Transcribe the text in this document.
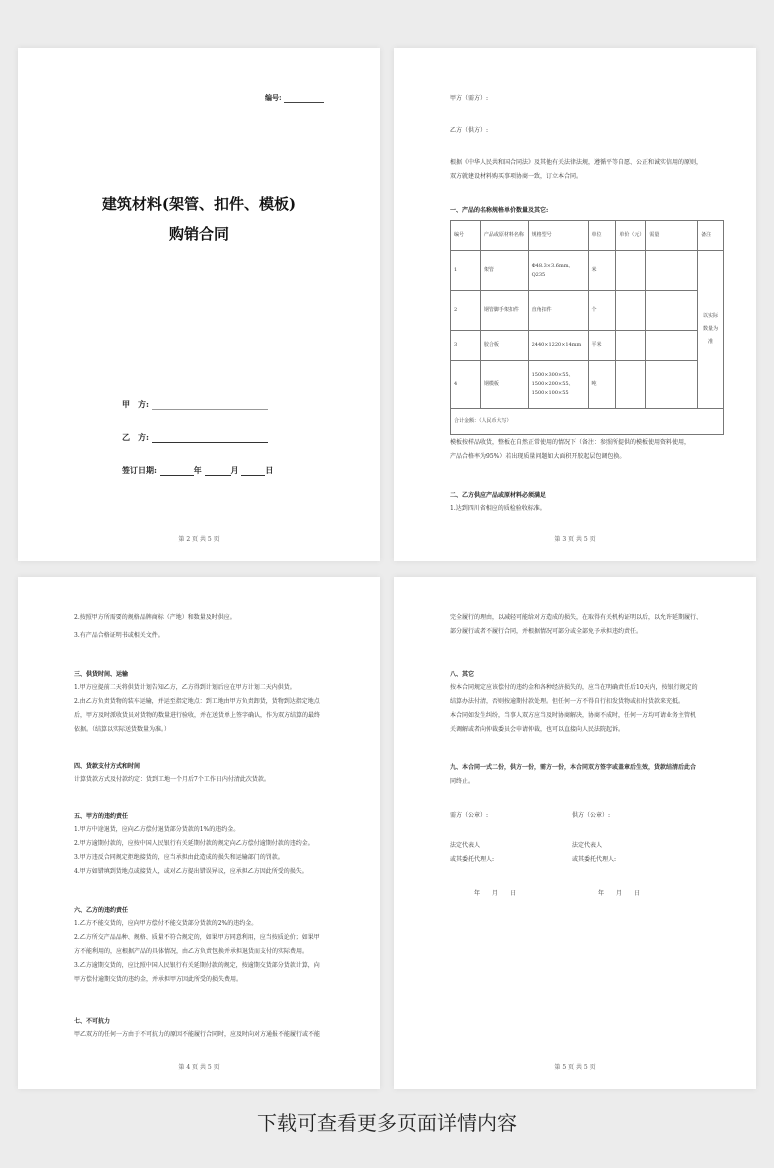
编号:
建筑材料(架管、扣件、模板)
购销合同
甲　方:
乙　方:
签订日期:	年	月	日
第 2 页 共 5 页
甲方（需方）:
乙方（供方）:
根据《中华人民共和国合同法》及其他有关法律法规，遵循平等自愿、公正和诚实信用的原则，
双方就建设材料购买事项协商一致，订立本合同。
一、产品的名称规格单价数量及其它:
编号	产品或原材料名称	规格型号	单位	单价（元）	需量	备注
1	架管	Φ48.3×3.6mm、Q235	米			以实际数量为准
2	钢管脚手架扣件	直角扣件	个			
3	胶合板	2440×1220×14mm	平米			
4	钢模板	1500×300×55、
1500×200×55、
1500×100×55	吨			
合计金额：（人民币大写）						
模板按样品收货，整板在自然正常使用的情况下（备注：参照所提供的模板使用资料使用，
产品合格率为95%）若出现质量问题如大面积开胶起层包调包换。
二、乙方供应产品或原材料必须满足
1.达到四川省相应的质检验收标准。
第 3 页 共 5 页
2.按照甲方所需要的规格品牌商标（产地）和数量及时供应。
3.有产品合格证明书或相关文件。
三、供货时间、运输
1.甲方应提前二天将供货计划告知乙方，乙方得到计划后应在甲方计划二天内供货。
2.由乙方负责货物的装车运输，并运至指定地点：到工地由甲方负责卸货，货物到达指定地点
后，甲方及时派收货员对货物的数量进行验收，并在送货单上签字确认，作为双方结算的最终
依据。（结算以实际送货数量为准。）
四、货款支付方式和时间
计算货款方式及付款约定：货到工地一个月后7个工作日内付清此次货款。
五、甲方的违约责任
1.甲方中途退货，应向乙方偿付退货部分货款的1%的违约金。
2.甲方逾期付款的，应按中国人民银行有关延期付款的规定向乙方偿付逾期付款的违约金。
3.甲方违反合同规定拒绝接货的，应当承担由此造成的损失和运输部门的罚款。
4.甲方如错填到货地点或接货人，或对乙方提出错误异议，应承担乙方因此所受的损失。
六、乙方的违约责任
1.乙方不能交货的，应向甲方偿付不能交货部分货款的2%的违约金。
2.乙方所交产品品种、规格、质量不符合规定的，如果甲方同意利用，应当按质论价；如果甲
方不能利用的，应根据产品的具体情况，由乙方负责包换并承担退货而支付的实际费用。
3.乙方逾期交货的，应比照中国人民银行有关延期付款的规定，按逾期交货部分货款计算，向
甲方偿付逾期交货的违约金，并承担甲方因此所受的损失费用。
七、不可抗力
甲乙双方的任何一方由于不可抗力的原因不能履行合同时，应及时向对方通报不能履行或不能
第 4 页 共 5 页
完全履行的理由，以减轻可能给对方造成的损失，在取得有关机构证明以后，以允许延期履行、
部分履行或者不履行合同，并根据情况可部分或全部免予承担违约责任。
八、其它
按本合同规定应该偿付的违约金和各种经济损失的，应当在明确责任后10天内，按银行规定的
结算办法付清，否则按逾期付款处理。但任何一方不得自行扣发货物或扣付货款来充抵。
本合同如发生纠纷，当事人双方应当及时协商解决，协商不成时，任何一方均可请业务主管机
关调解或者向仲裁委员会申请仲裁，也可以直接向人民法院起诉。
九、本合同一式二份，供方一份，需方一份，本合同双方签字或盖章后生效，货款结清后此合
同终止。
需方（公章）:	供方（公章）:
法定代表人
或其委托代理人:
法定代表人
或其委托代理人:
年　　 月　　 日	年　　 月　　 日
第 5 页 共 5 页
下载可查看更多页面详情内容
